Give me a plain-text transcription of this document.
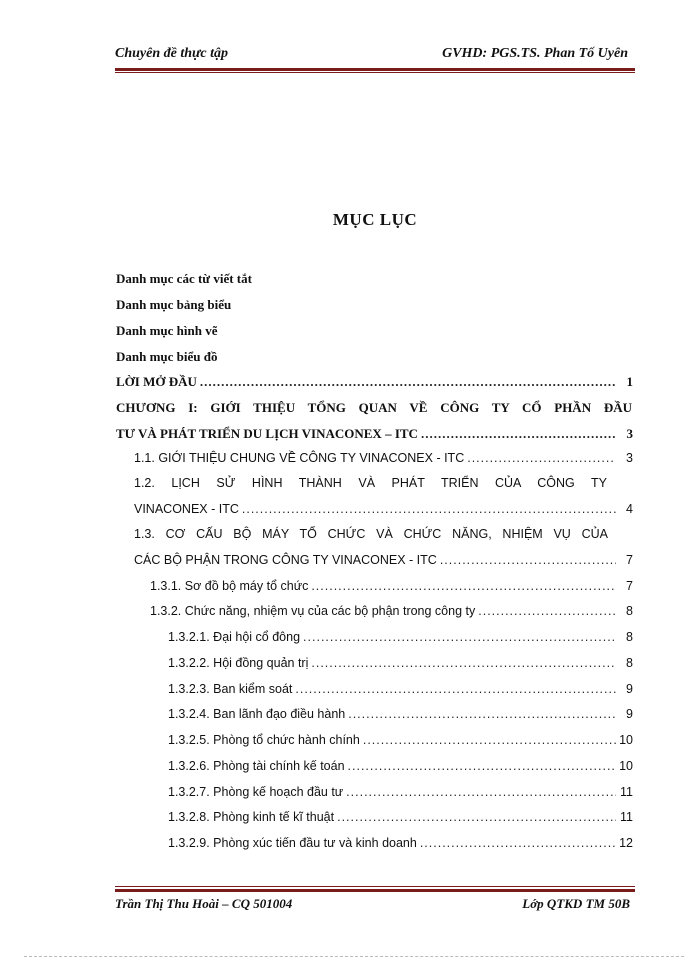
Chuyên đề thực tập	GVHD: PGS.TS. Phan Tố Uyên
MỤC LỤC
Danh mục các từ viết tắt
Danh mục bảng biểu
Danh mục hình vẽ
Danh mục biểu đồ
LỜI MỞ ĐẦU .....	1
CHƯƠNG I: GIỚI THIỆU TỔNG QUAN VỀ CÔNG TY CỔ PHẦN ĐẦU
TƯ VÀ PHÁT TRIỂN DU LỊCH VINACONEX – ITC .....	3
1.1. GIỚI THIỆU CHUNG VỀ CÔNG TY VINACONEX - ITC .....	3
1.2. LỊCH SỬ HÌNH THÀNH VÀ PHÁT TRIỂN CỦA CÔNG TY
VINACONEX - ITC .....	4
1.3. CƠ CẤU BỘ MÁY TỔ CHỨC VÀ CHỨC NĂNG, NHIỆM VỤ CỦA
CÁC BỘ PHẬN TRONG CÔNG TY VINACONEX - ITC .....	7
1.3.1. Sơ đồ bộ máy tổ chức .....	7
1.3.2. Chức năng, nhiệm vụ của các bộ phận trong công ty .....	8
1.3.2.1. Đại hội cổ đông .....	8
1.3.2.2. Hội đồng quản trị .....	8
1.3.2.3. Ban kiểm soát .....	9
1.3.2.4. Ban lãnh đạo điều hành .....	9
1.3.2.5. Phòng tổ chức hành chính .....	10
1.3.2.6. Phòng tài chính kế toán .....	10
1.3.2.7. Phòng kế hoạch đầu tư .....	11
1.3.2.8. Phòng kinh tế kĩ thuật .....	11
1.3.2.9. Phòng xúc tiến đầu tư và kinh doanh .....	12
Trần Thị Thu Hoài – CQ 501004	Lớp QTKD TM 50B
